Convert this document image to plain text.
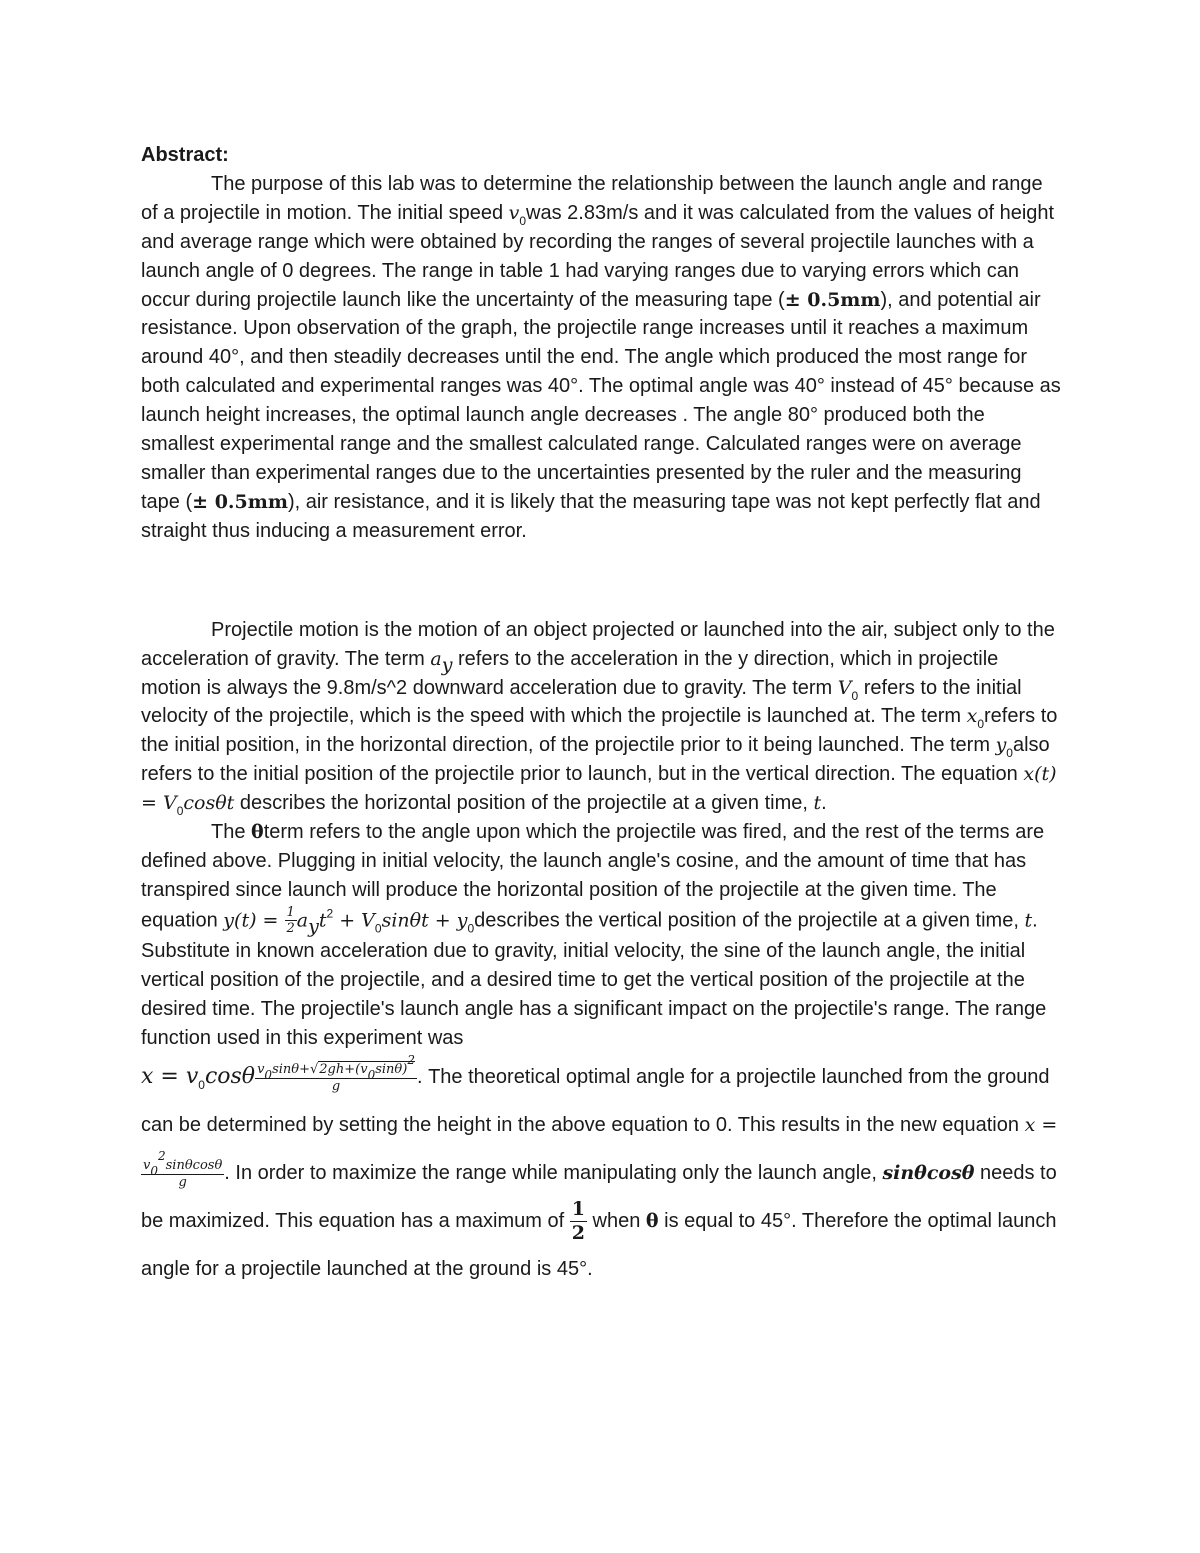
Abstract:

The purpose of this lab was to determine the relationship between the launch angle and range of a projectile in motion. The initial speed $v_0was$ 2.83m/s and it was calculated from the values of height and average range which were obtained by recording the ranges of several projectile launches with a launch angle of 0 degrees. The range in table 1 had varying ranges due to varying errors which can occur during projectile launch like the uncertainty of the measuring tape (± 0.5mm), and potential air resistance. Upon observation of the graph, the projectile range increases until it reaches a maximum around 40°, and then steadily decreases until the end. The angle which produced the most range for both calculated and experimental ranges was 40°. The optimal angle was 40° instead of 45° because as launch height increases, the optimal launch angle decreases . The angle 80° produced both the smallest experimental range and the smallest calculated range. Calculated ranges were on average smaller than experimental ranges due to the uncertainties presented by the ruler and the measuring tape (± 0.5mm), air resistance, and it is likely that the measuring tape was not kept perfectly flat and straight thus inducing a measurement error.

Projectile motion is the motion of an object projected or launched into the air, subject only to the acceleration of gravity. The term $a_y$ refers to the acceleration in the y direction, which in projectile motion is always the 9.8m/s^2 downward acceleration due to gravity. The term $V_0$ refers to the initial velocity of the projectile, which is the speed with which the projectile is launched at. The term $x_0refers$ to the initial position, in the horizontal direction, of the projectile prior to it being launched. The term $y_0also$ refers to the initial position of the projectile prior to launch, but in the vertical direction. The equation $x(t) = V_0\cos\theta t$ describes the horizontal position of the projectile at a given time, t.

The θterm refers to the angle upon which the projectile was fired, and the rest of the terms are defined above. Plugging in initial velocity, the launch angle's cosine, and the amount of time that has transpired since launch will produce the horizontal position of the projectile at the given time. The equation $y(t) = \frac{1}{2} a_yt^2 + V_0\sin\theta t$ + $y_0describes$ the vertical position of the projectile at a given time, t. Substitute in known acceleration due to gravity, initial velocity, the sine of the launch angle, the initial vertical position of the projectile, and a desired time to get the vertical position of the projectile at the desired time. The projectile's launch angle has a significant impact on the projectile's range. The range function used in this experiment was

$x = v_0\cos\theta \frac{v_0\sin\theta+√2gh+(v_0\sin\theta)^2}{g}$ . The theoretical optimal angle for a projectile launched from the ground can be determined by setting the height in the above equation to 0. This results in the new equation x =
$\frac{v_0^2\sin\theta\cos\theta}{g}$ . In order to maximize the range while manipulating only the launch angle, sinθcosθ needs to be maximized. This equation has a maximum of $\frac{1}{2}$ when θ is equal to 45°. Therefore the optimal launch angle for a projectile launched at the ground is 45°.
